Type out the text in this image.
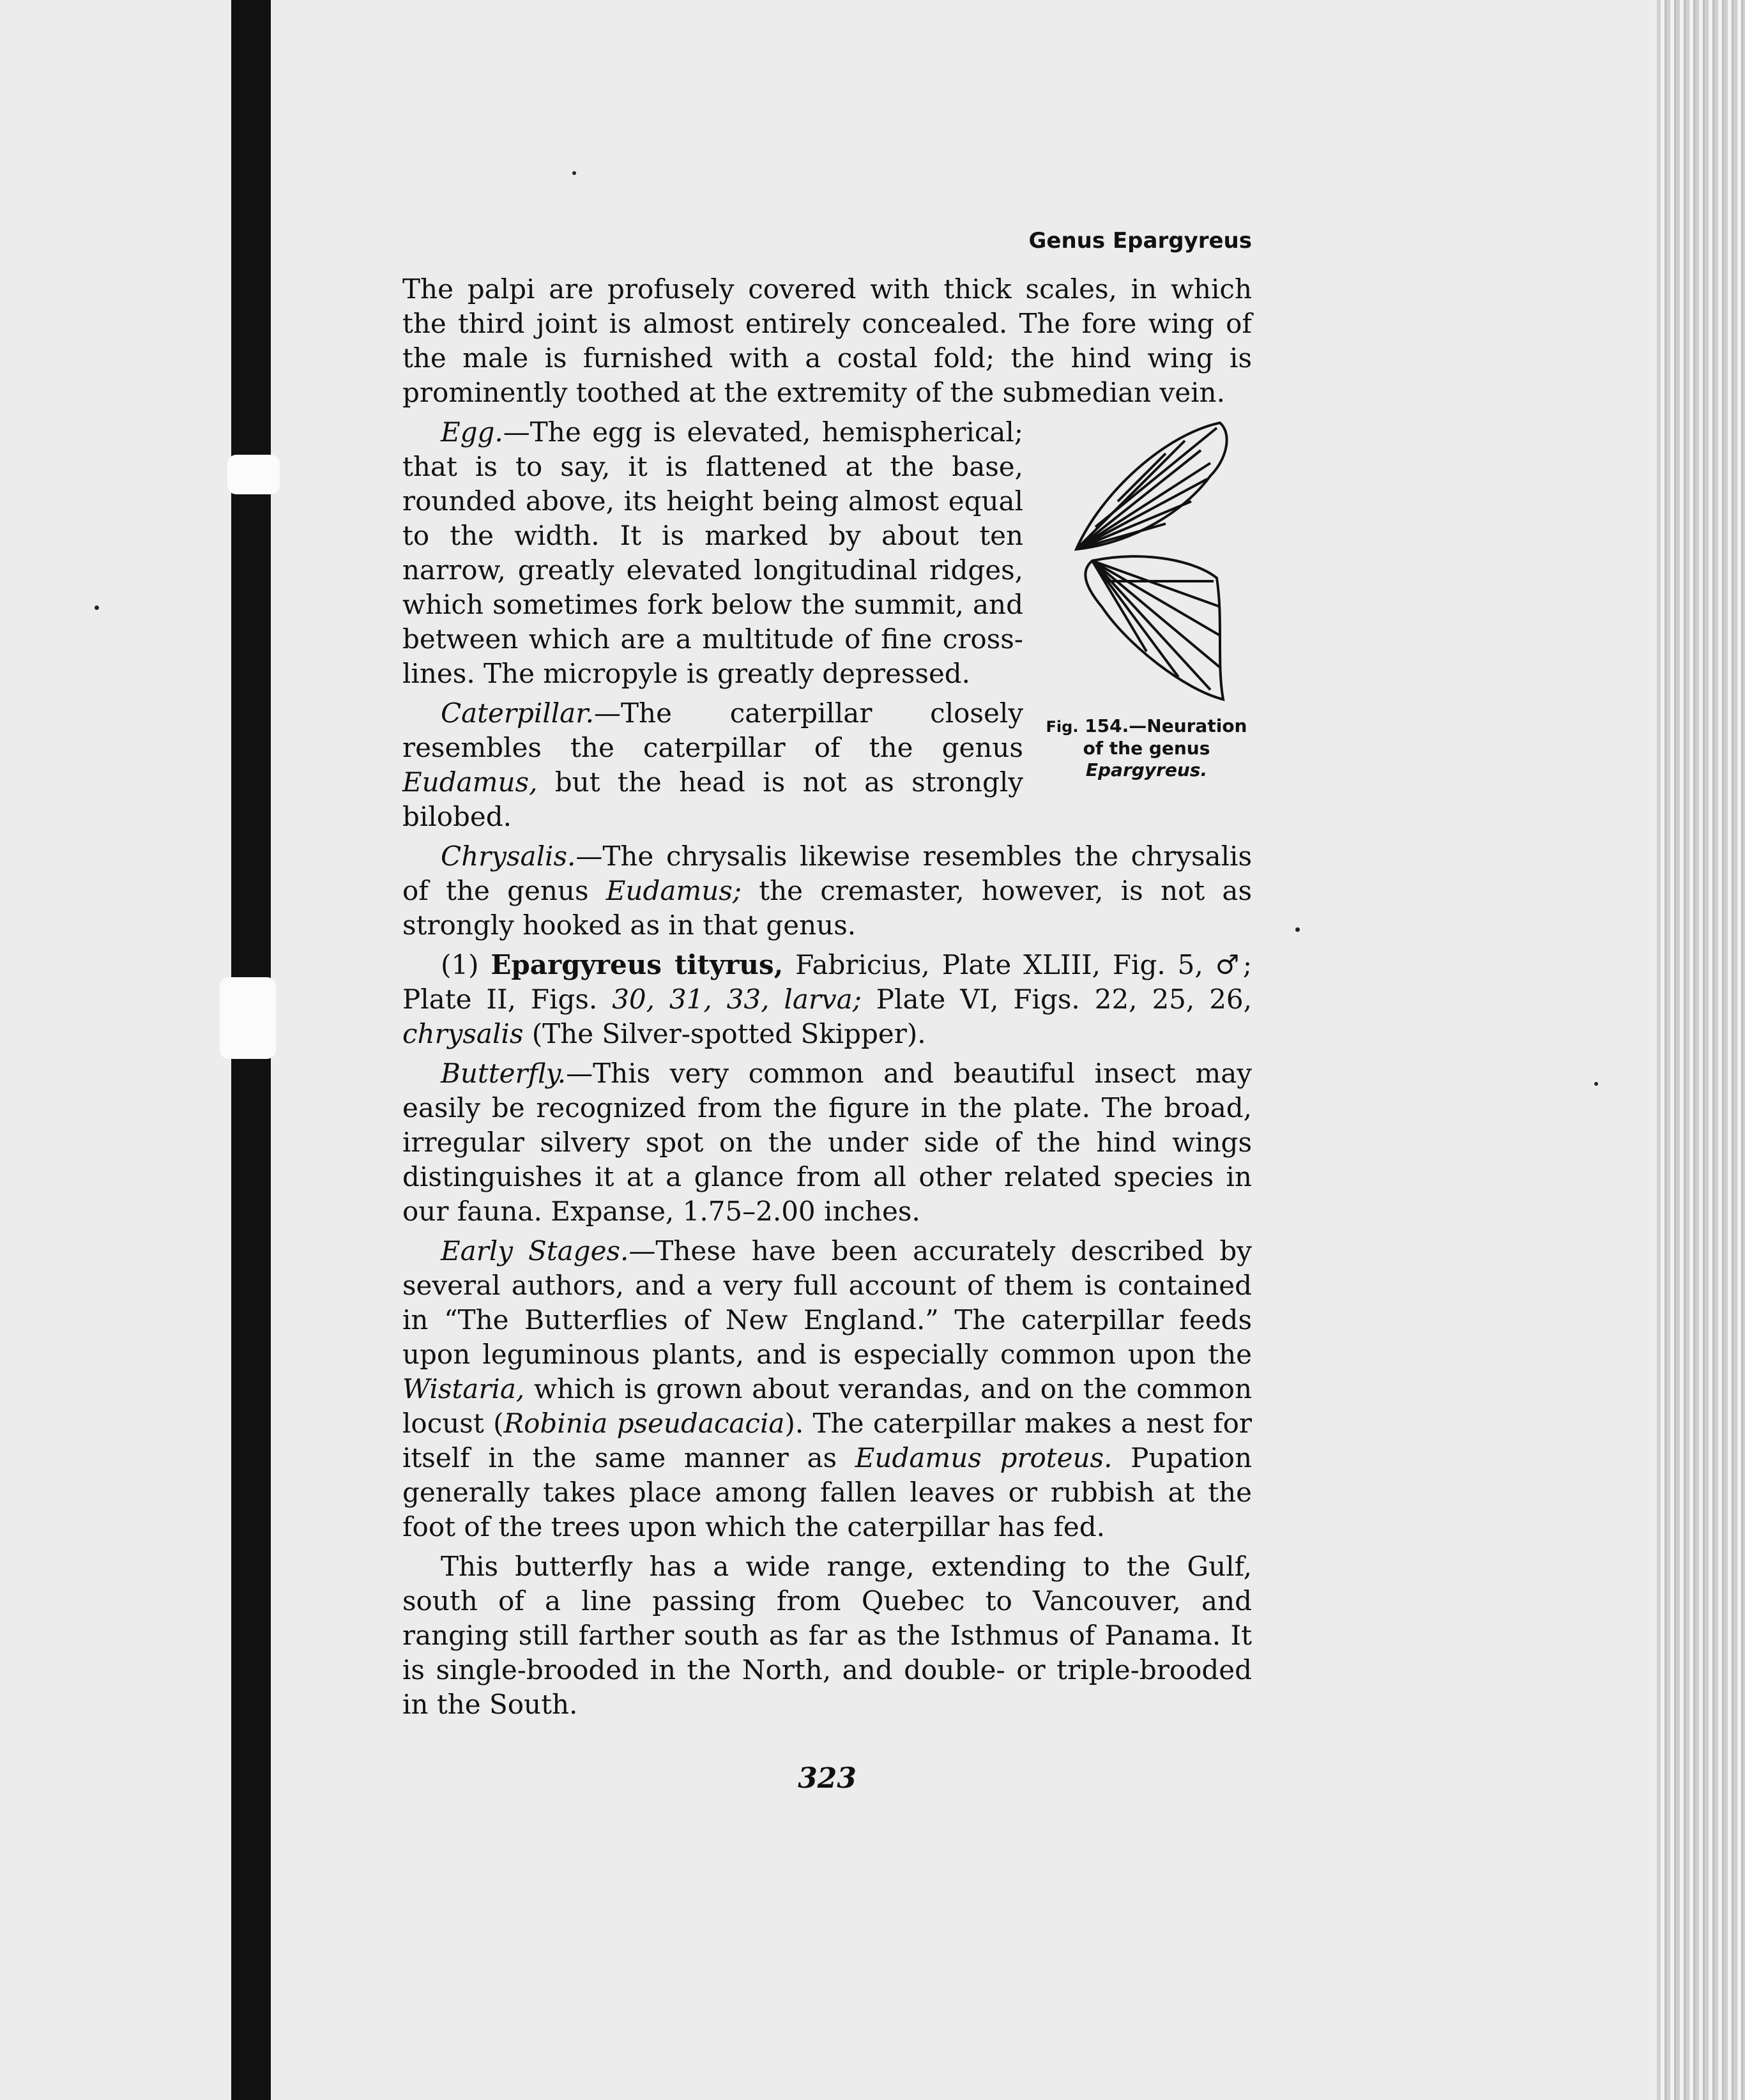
Genus Epargyreus

The palpi are profusely covered with thick scales, in which the third joint is almost entirely concealed. The fore wing of the male is furnished with a costal fold; the hind wing is prominently toothed at the extremity of the submedian vein.

Fig. 154.—Neuration of the genus Epargyreus.

Egg.—The egg is elevated, hemispherical; that is to say, it is flattened at the base, rounded above, its height being almost equal to the width. It is marked by about ten narrow, greatly elevated longitudinal ridges, which sometimes fork below the summit, and between which are a multitude of fine cross-lines. The micropyle is greatly depressed.

Caterpillar.—The caterpillar closely resembles the caterpillar of the genus Eudamus, but the head is not as strongly bilobed.

Chrysalis.—The chrysalis likewise resembles the chrysalis of the genus Eudamus; the cremaster, however, is not as strongly hooked as in that genus.

(1) Epargyreus tityrus, Fabricius, Plate XLIII, Fig. 5, ♂; Plate II, Figs. 30, 31, 33, larva; Plate VI, Figs. 22, 25, 26, chrysalis (The Silver-spotted Skipper).

Butterfly.—This very common and beautiful insect may easily be recognized from the figure in the plate. The broad, irregular silvery spot on the under side of the hind wings distinguishes it at a glance from all other related species in our fauna. Expanse, 1.75–2.00 inches.

Early Stages.—These have been accurately described by several authors, and a very full account of them is contained in “The Butterflies of New England.” The caterpillar feeds upon leguminous plants, and is especially common upon the Wistaria, which is grown about verandas, and on the common locust (Robinia pseudacacia). The caterpillar makes a nest for itself in the same manner as Eudamus proteus. Pupation generally takes place among fallen leaves or rubbish at the foot of the trees upon which the caterpillar has fed.

This butterfly has a wide range, extending to the Gulf, south of a line passing from Quebec to Vancouver, and ranging still farther south as far as the Isthmus of Panama. It is single-brooded in the North, and double- or triple-brooded in the South.

323
